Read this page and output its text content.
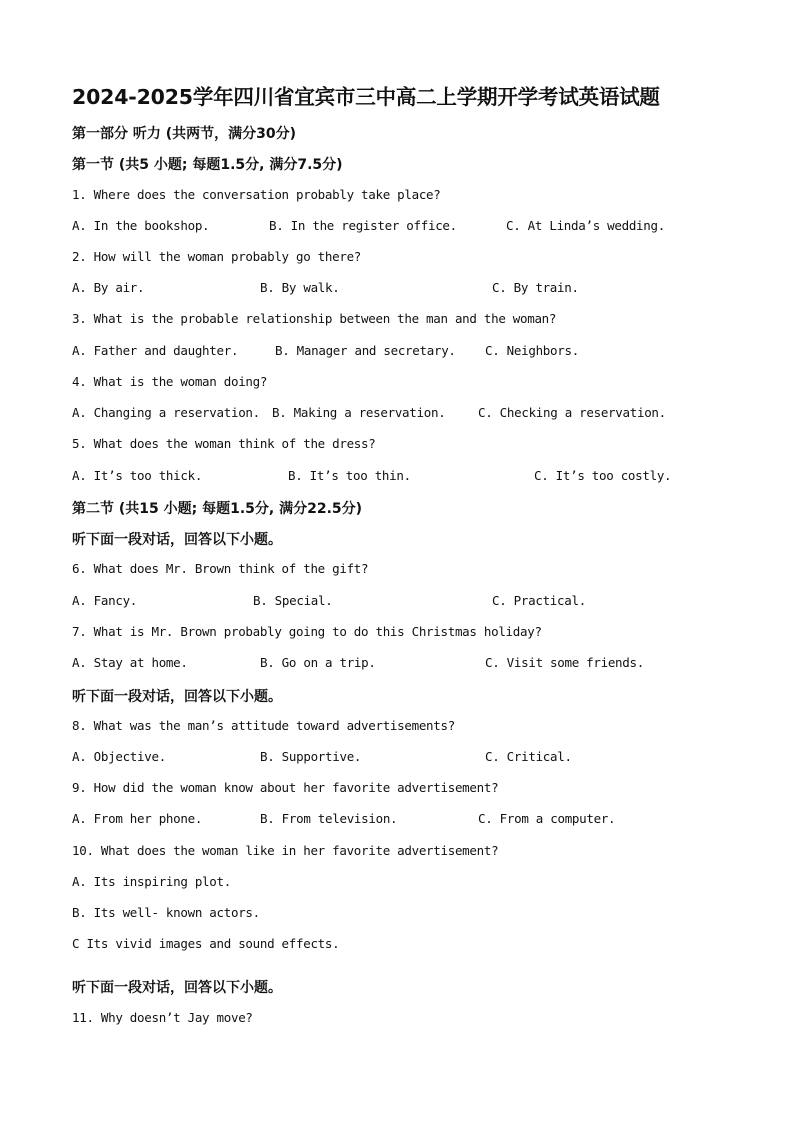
2024-2025学年四川省宜宾市三中高二上学期开学考试英语试题
第一部分 听力 (共两节，满分30分)
第一节 (共5 小题; 每题1.5分, 满分7.5分)
1. Where does the conversation probably take place?
A. In the bookshop.	B. In the register office.	C. At Linda’s wedding.
2. How will the woman probably go there?
A. By air.	B. By walk.	C. By train.
3. What is the probable relationship between the man and the woman?
A. Father and daughter.	B. Manager and secretary. C. Neighbors.
4. What is the woman doing?
A. Changing a reservation. B. Making a reservation.	C. Checking a reservation.
5. What does the woman think of the dress?
A. It’s too thick.	B. It’s too thin.	C. It’s too costly.
第二节 (共15 小题; 每题1.5分, 满分22.5分)
听下面一段对话，回答以下小题。
6. What does Mr. Brown think of the gift?
A. Fancy.	B. Special.	C. Practical.
7. What is Mr. Brown probably going to do this Christmas holiday?
A. Stay at home.	B. Go on a trip.	C. Visit some friends.
听下面一段对话，回答以下小题。
8. What was the man’s attitude toward advertisements?
A. Objective.	B. Supportive.	C. Critical.
9. How did the woman know about her favorite advertisement?
A. From her phone.	B. From television.	C. From a computer.
10. What does the woman like in her favorite advertisement?
A. Its inspiring plot.
B. Its well- known actors.
C Its vivid images and sound effects.
听下面一段对话，回答以下小题。
11. Why doesn’t Jay move?
